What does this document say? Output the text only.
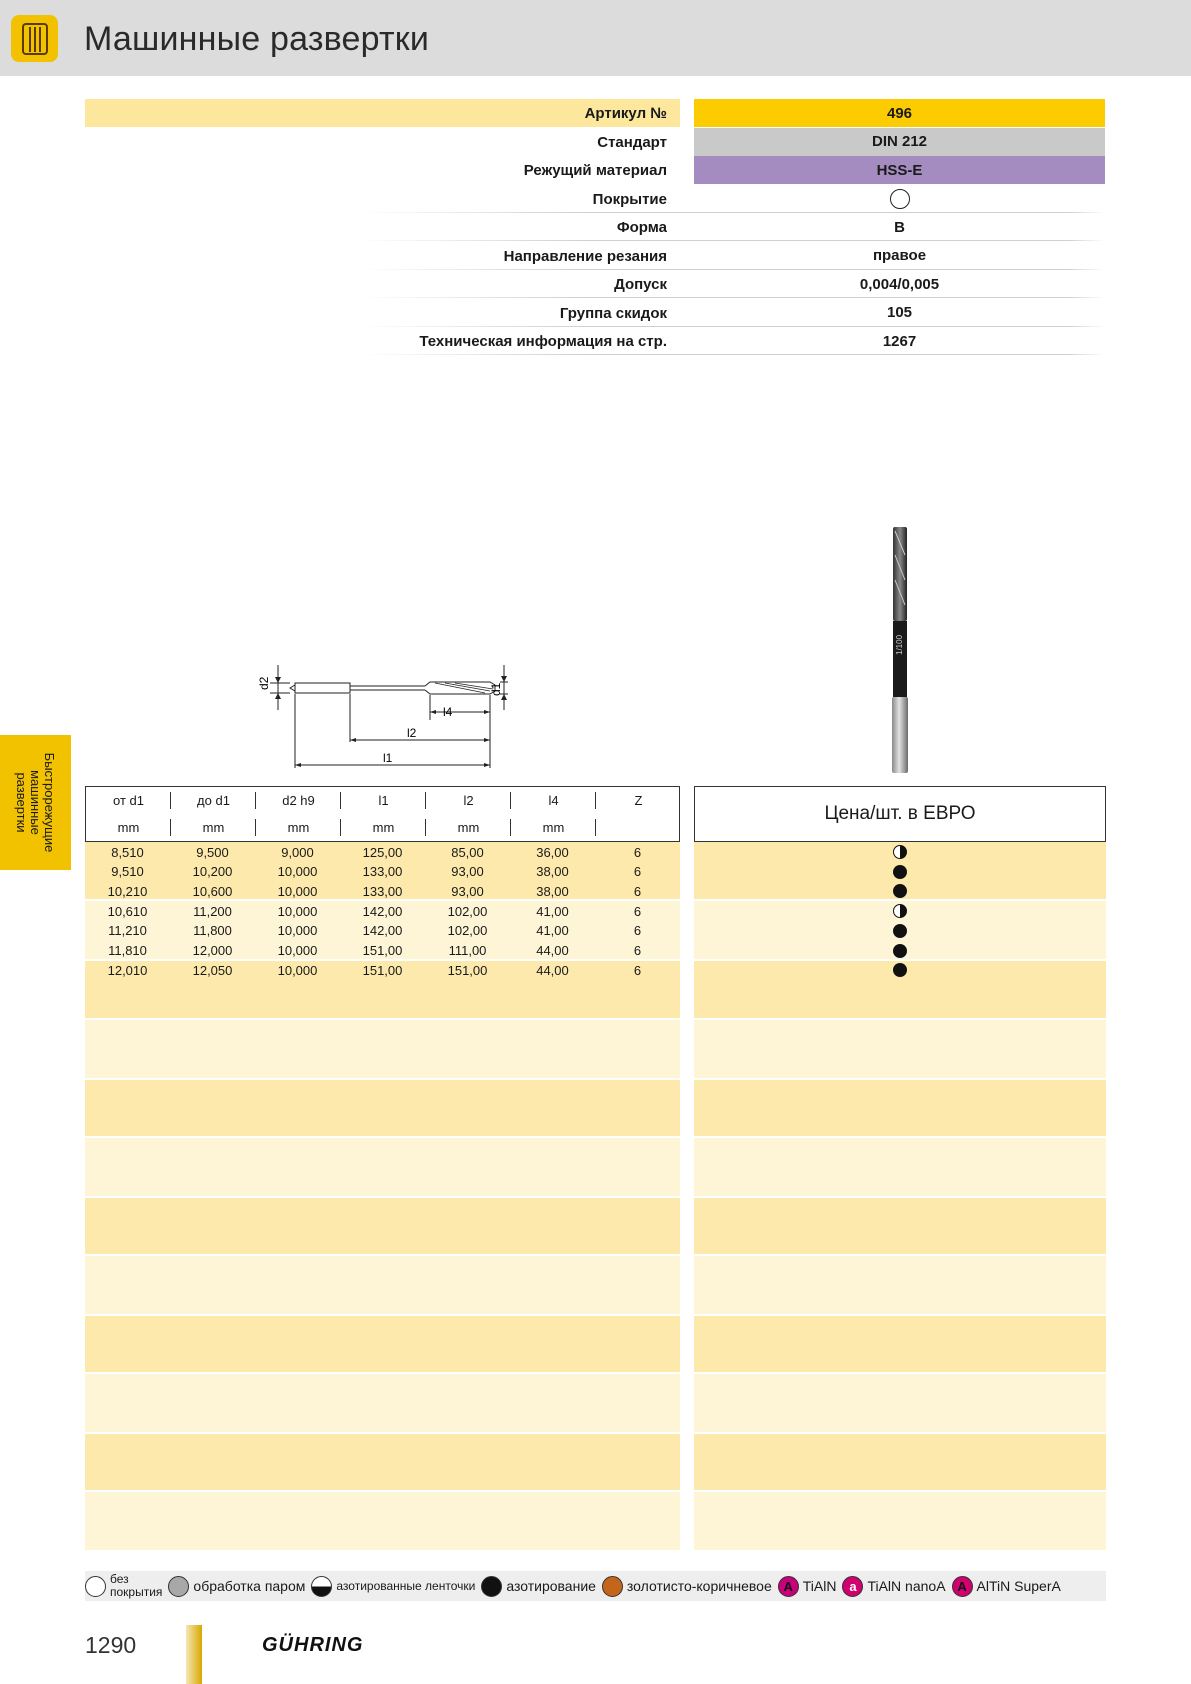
Машинные развертки
Артикул №	496
Стандарт	DIN 212
Режущий материал	HSS-E
Покрытие
Форма	B
Направление резания	правое
Допуск	0,004/0,005
Группа скидок	105
Техническая информация на стр.	1267
d2	d1
l4
l2
l1
1/100
Быстрорежущие
машинные
развертки	от d1	до d1	d2 h9	l1	l2	l4	Z
mm	mm	mm	mm	mm	mm
8,510	9,500	9,000	125,00	85,00	36,00	6
9,510	10,200	10,000	133,00	93,00	38,00	6
10,210	10,600	10,000	133,00	93,00	38,00	6
10,610	11,200	10,000	142,00	102,00	41,00	6
11,210	11,800	10,000	142,00	102,00	41,00	6
11,810	12,000	10,000	151,00	111,00	44,00	6
12,010	12,050	10,000	151,00	151,00	44,00	6
Цена/шт. в ЕВРО
без
покрытия обработка паром	азотированные ленточки азотирование золотисто-коричневое A TiAlN a TiAlN nanoA A AlTiN SuperA
1290	GÜHRING
